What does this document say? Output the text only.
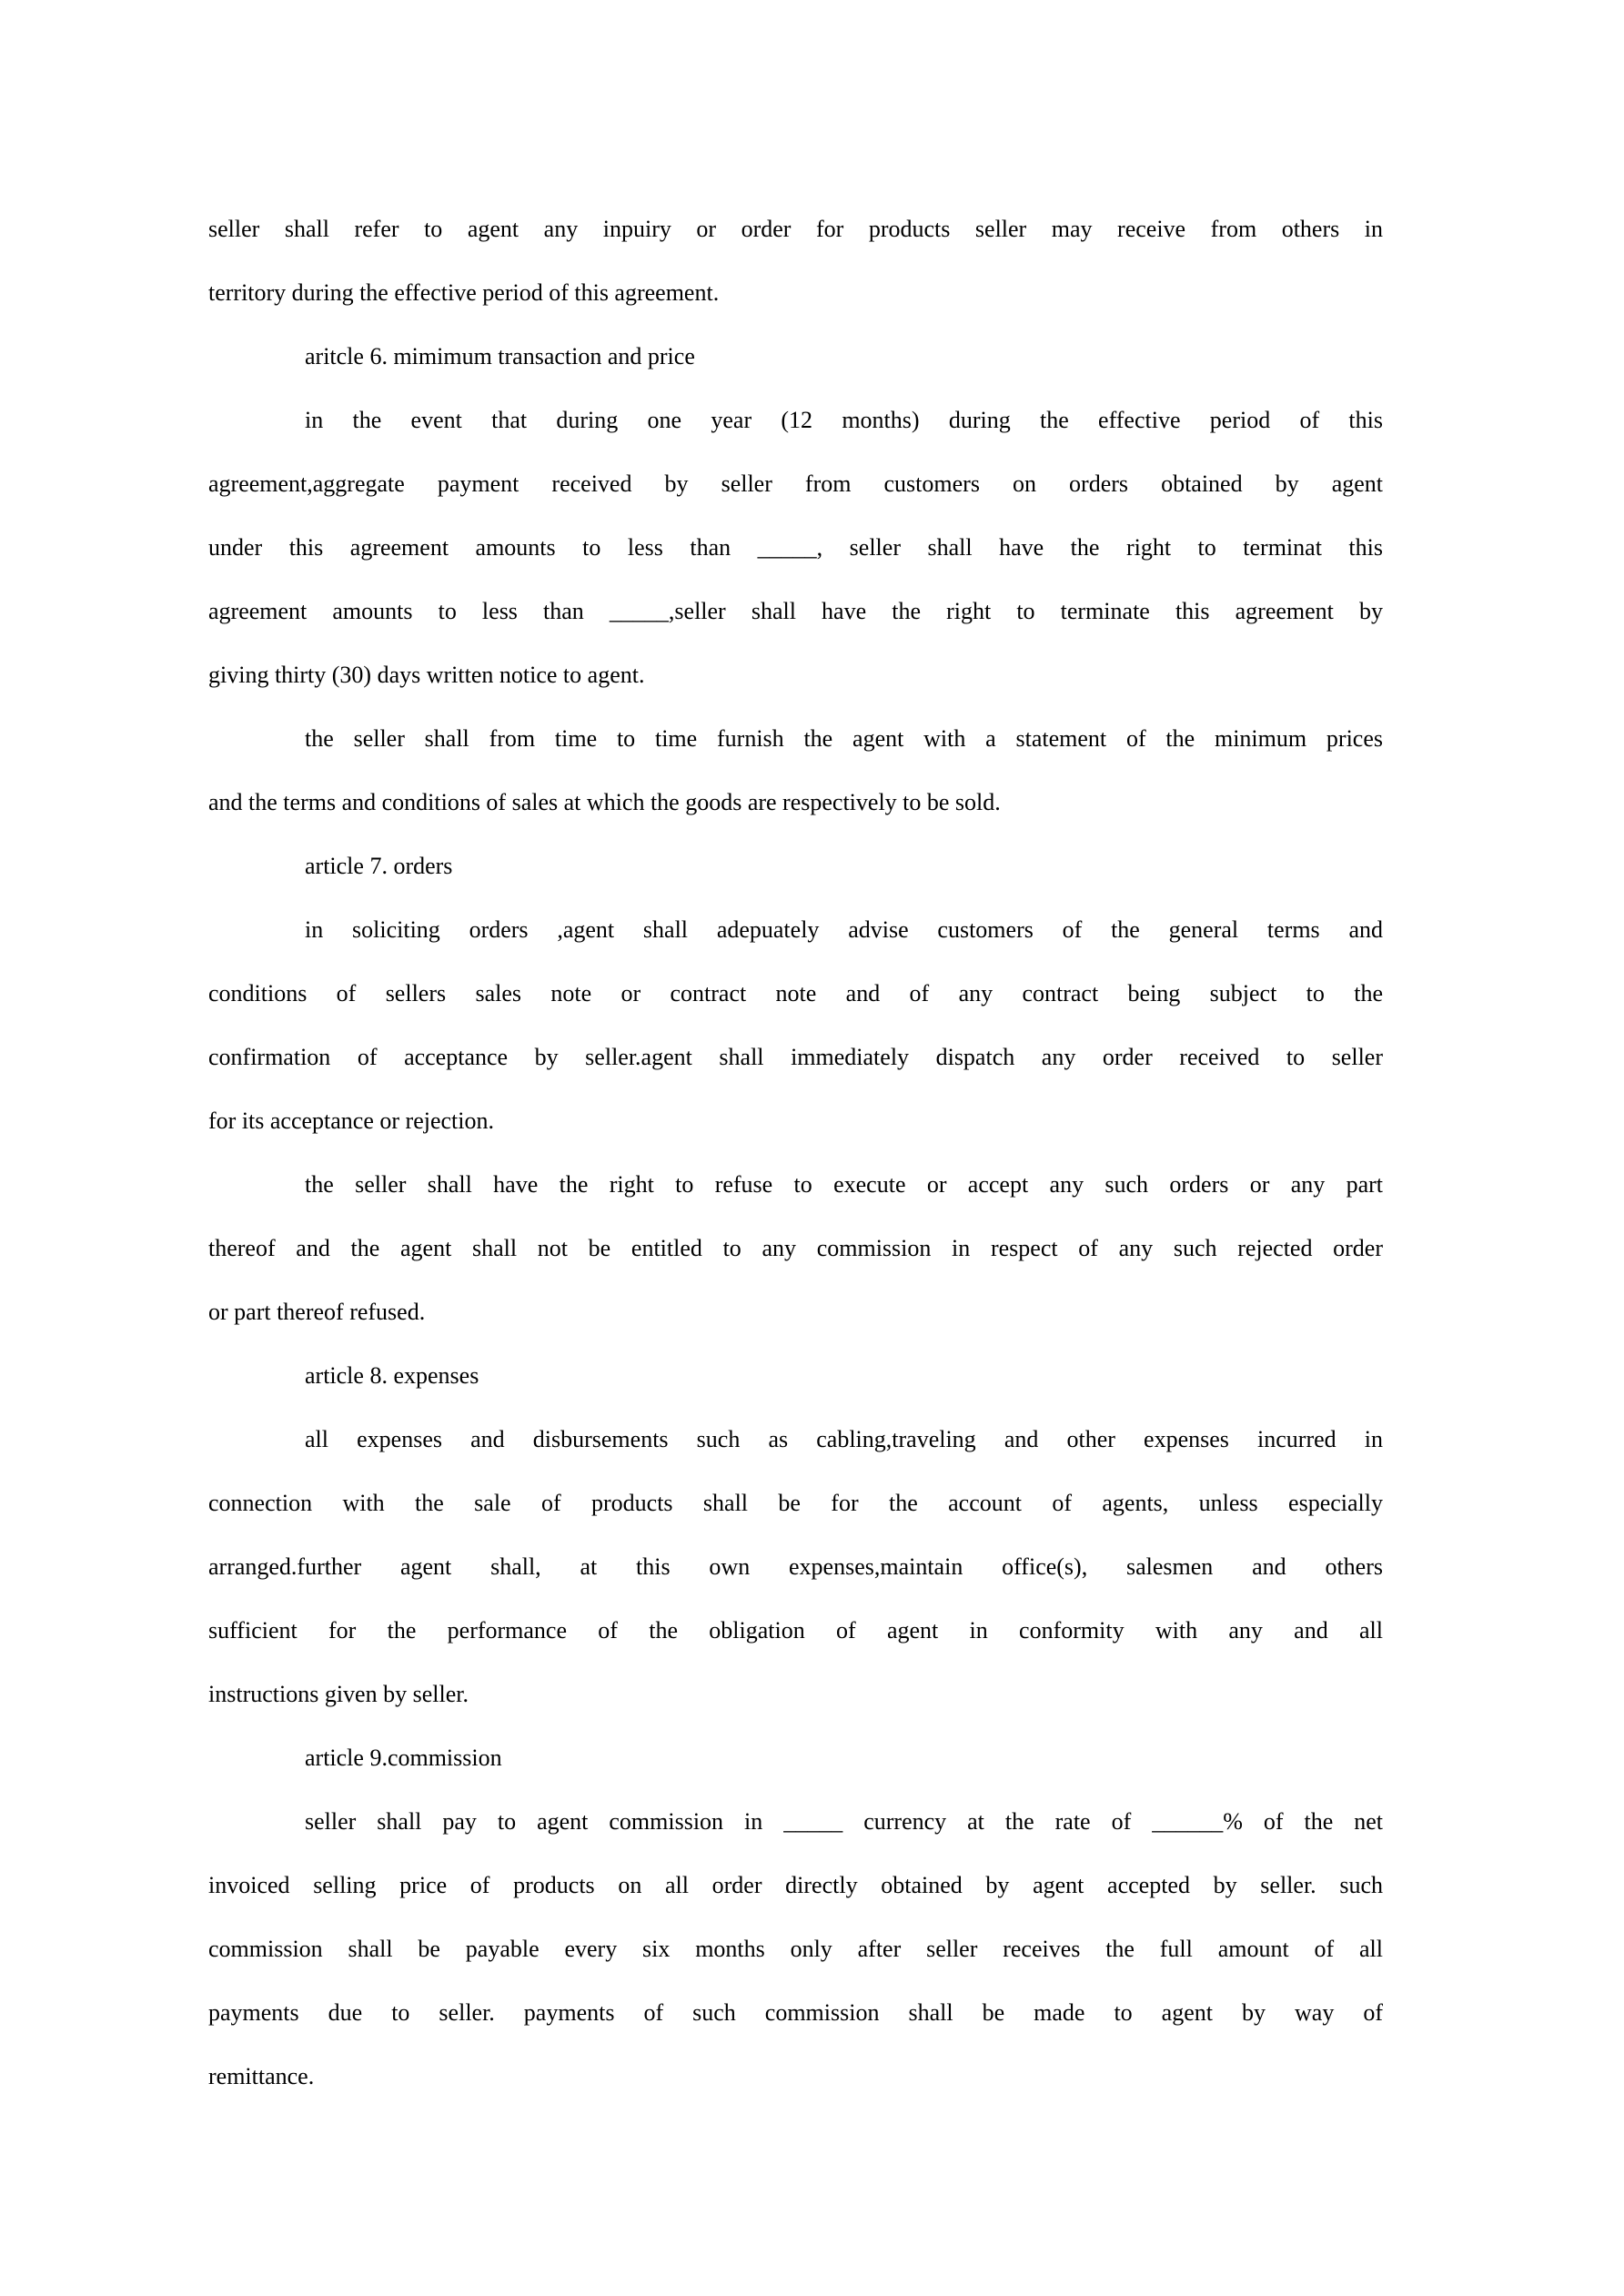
seller shall refer to agent any inpuiry or order for products seller may receive from others in
territory during the effective period of this agreement.
aritcle 6. mimimum transaction and price
in the event that during one year (12 months) during the effective period of this
agreement,aggregate payment received by seller from customers on orders obtained by agent
under this agreement amounts to less than _____, seller shall have the right to terminat this
agreement amounts to less than _____,seller shall have the right to terminate this agreement by
giving thirty (30) days written notice to agent.
the seller shall from time to time furnish the agent with a statement of the minimum prices
and the terms and conditions of sales at which the goods are respectively to be sold.
article 7. orders
in soliciting orders ,agent shall adepuately advise customers of the general terms and
conditions of sellers sales note or contract note and of any contract being subject to the
confirmation of acceptance by seller.agent shall immediately dispatch any order received to seller
for its acceptance or rejection.
the seller shall have the right to refuse to execute or accept any such orders or any part
thereof and the agent shall not be entitled to any commission in respect of any such rejected order
or part thereof refused.
article 8. expenses
all expenses and disbursements such as cabling,traveling and other expenses incurred in
connection with the sale of products shall be for the account of agents, unless especially
arranged.further agent shall, at this own expenses,maintain office(s), salesmen and others
sufficient for the performance of the obligation of agent in conformity with any and all
instructions given by seller.
article 9.commission
seller shall pay to agent commission in _____ currency at the rate of ______% of the net
invoiced selling price of products on all order directly obtained by agent accepted by seller. such
commission shall be payable every six months only after seller receives the full amount of all
payments due to seller. payments of such commission shall be made to agent by way of
remittance.
